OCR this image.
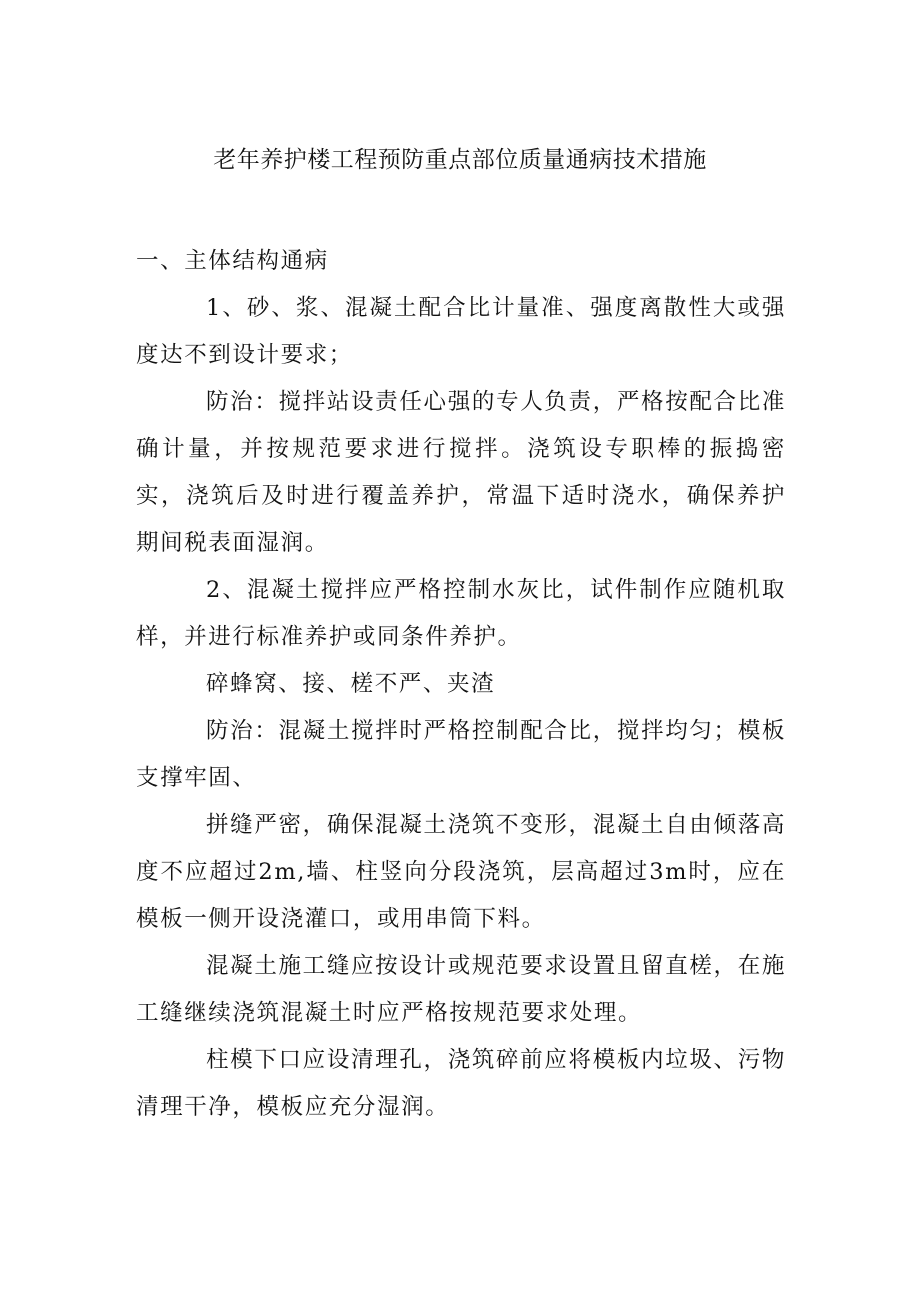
老年养护楼工程预防重点部位质量通病技术措施

一、主体结构通病

1、砂、浆、混凝土配合比计量准、强度离散性大或强度达不到设计要求；

防治：搅拌站设责任心强的专人负责，严格按配合比准确计量，并按规范要求进行搅拌。浇筑设专职棒的振捣密实，浇筑后及时进行覆盖养护，常温下适时浇水，确保养护期间税表面湿润。

2、混凝土搅拌应严格控制水灰比，试件制作应随机取样，并进行标准养护或同条件养护。

碎蜂窝、接、槎不严、夹渣

防治：混凝土搅拌时严格控制配合比，搅拌均匀；模板支撑牢固、

拼缝严密，确保混凝土浇筑不变形，混凝土自由倾落高度不应超过2m,墙、柱竖向分段浇筑，层高超过3m时，应在模板一侧开设浇灌口，或用串筒下料。

混凝土施工缝应按设计或规范要求设置且留直槎，在施工缝继续浇筑混凝土时应严格按规范要求处理。

柱模下口应设清理孔，浇筑碎前应将模板内垃圾、污物清理干净，模板应充分湿润。
